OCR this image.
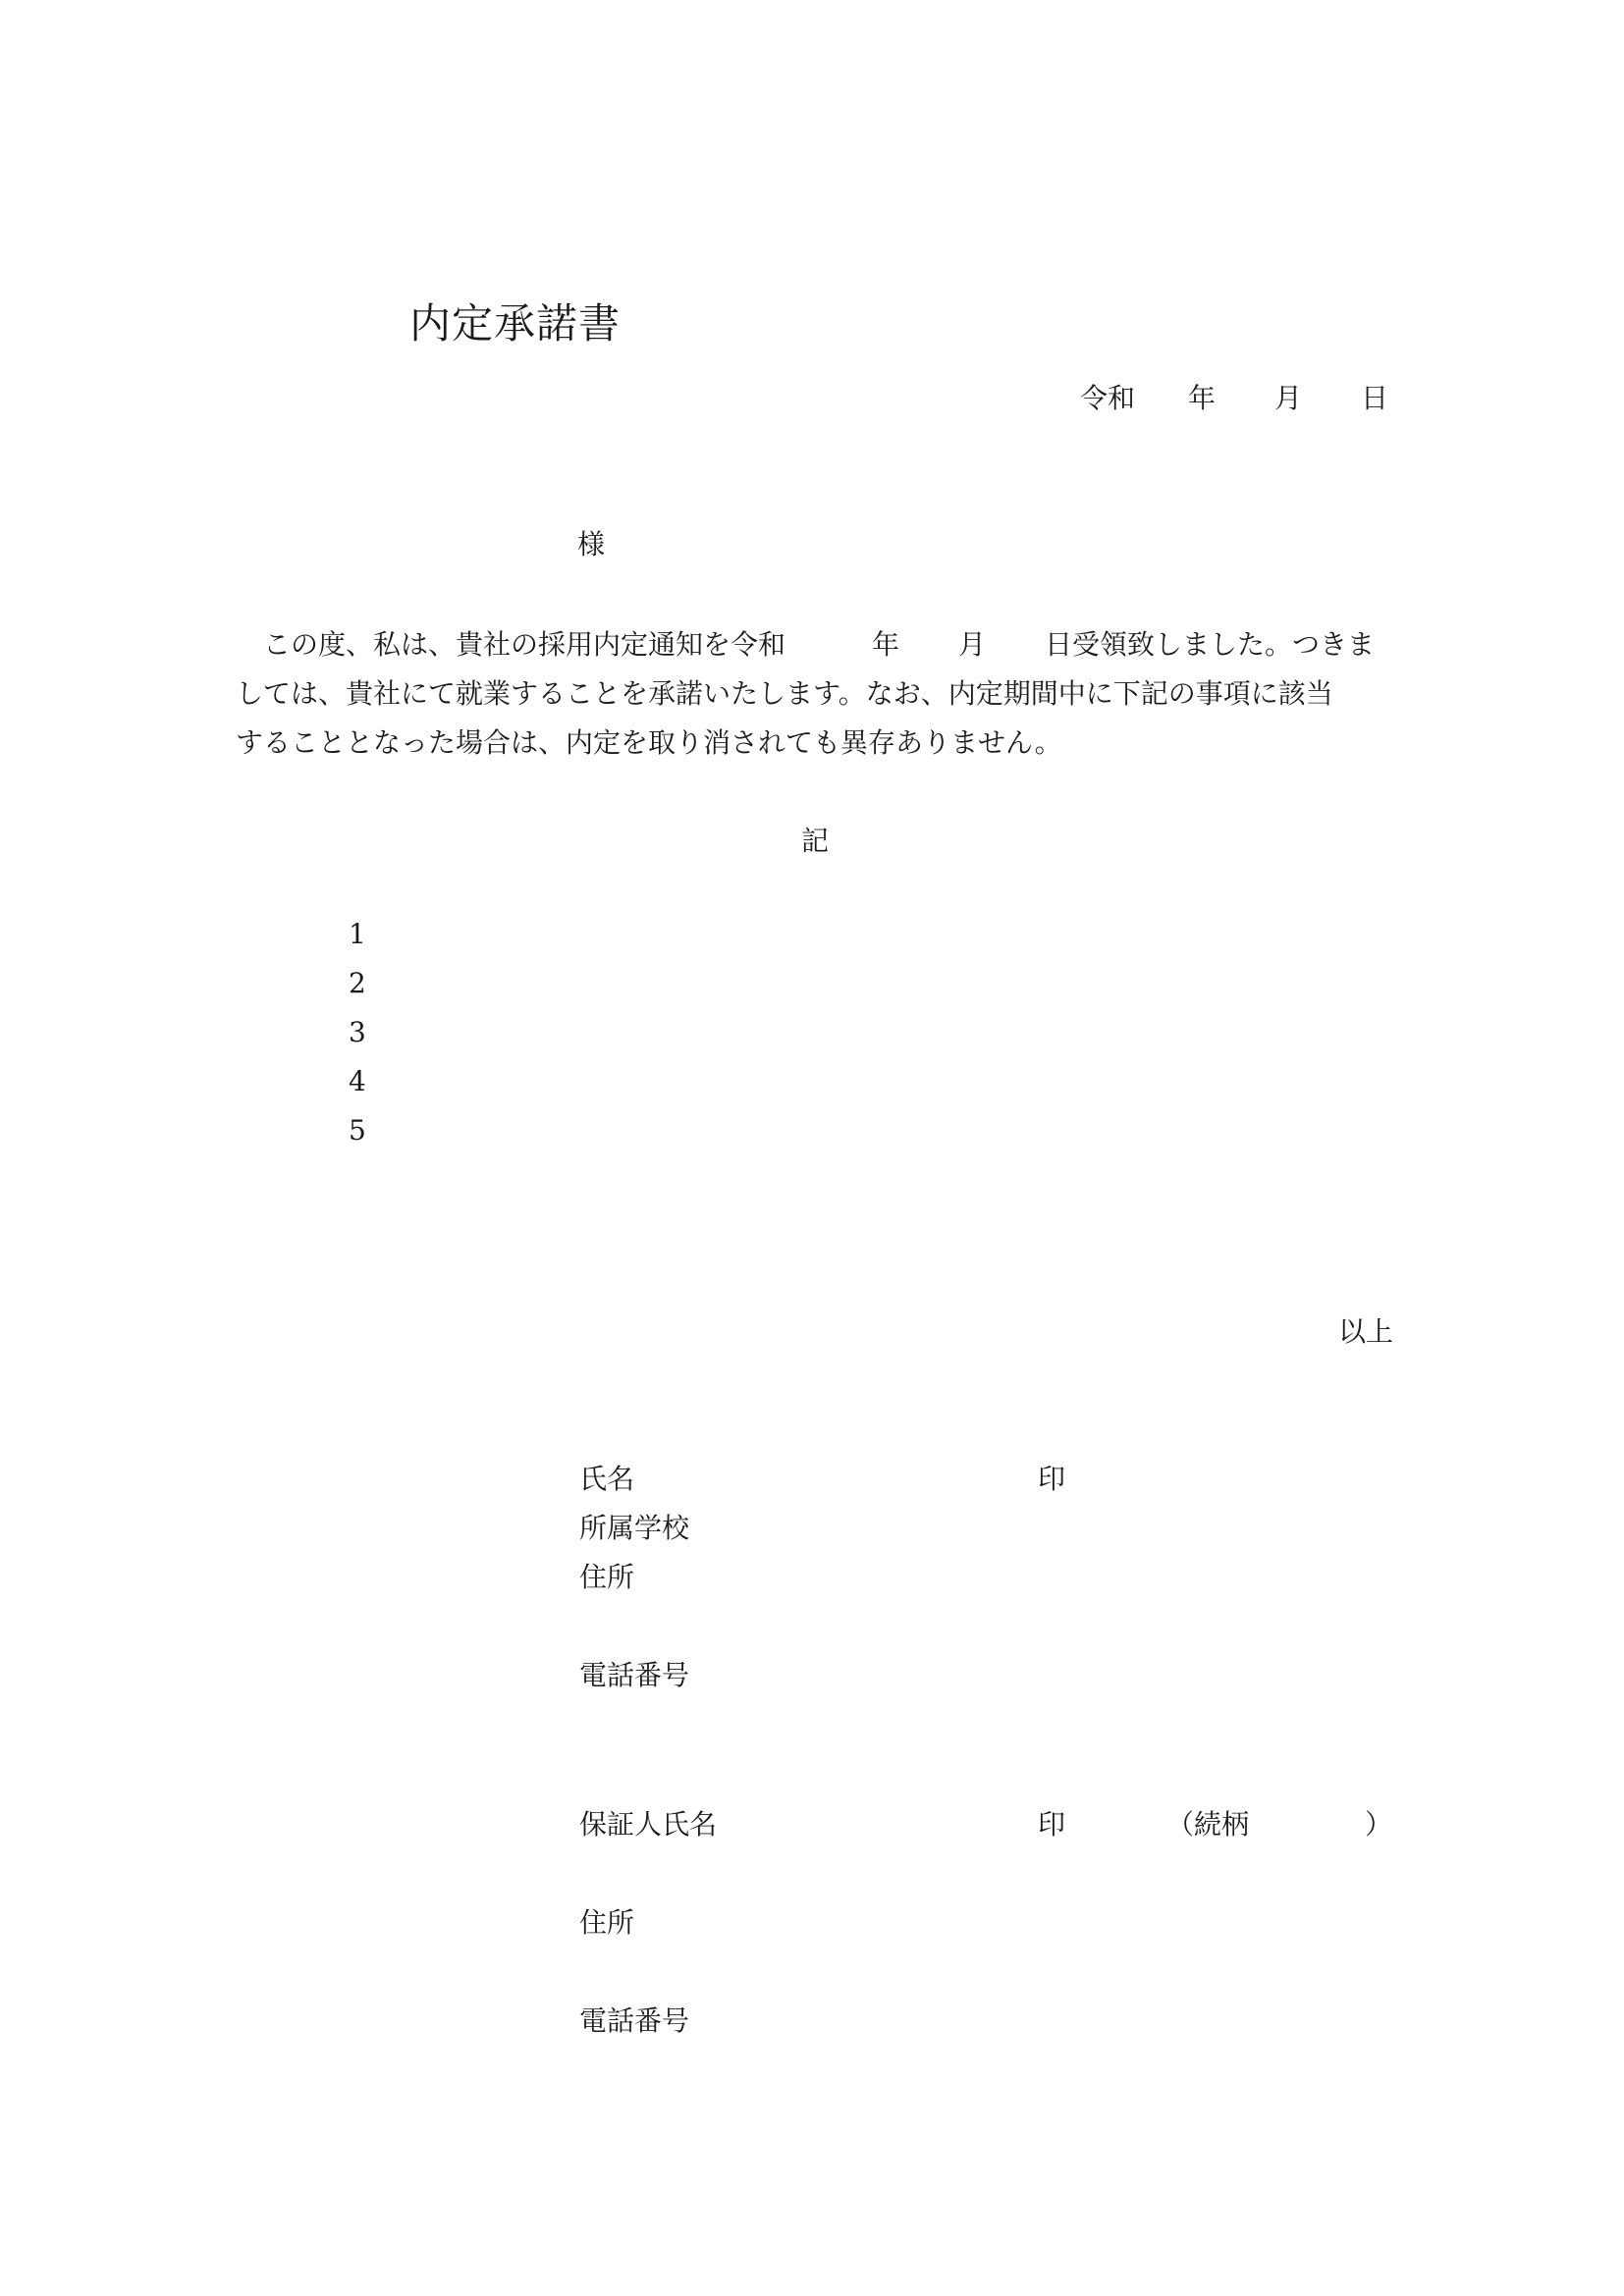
内定承諾書
令和 年 月 日
様
この度、私は、貴社の採用内定通知を令和	年 月 日受領致しました。つきま
しては、貴社にて就業することを承諾いたします。なお、内定期間中に下記の事項に該当
することとなった場合は、内定を取り消されても異存ありません。
記
1
2
3
4
5
以上
氏名	印
所属学校
住所
電話番号
保証人氏名	印	（続柄	）
住所
電話番号
